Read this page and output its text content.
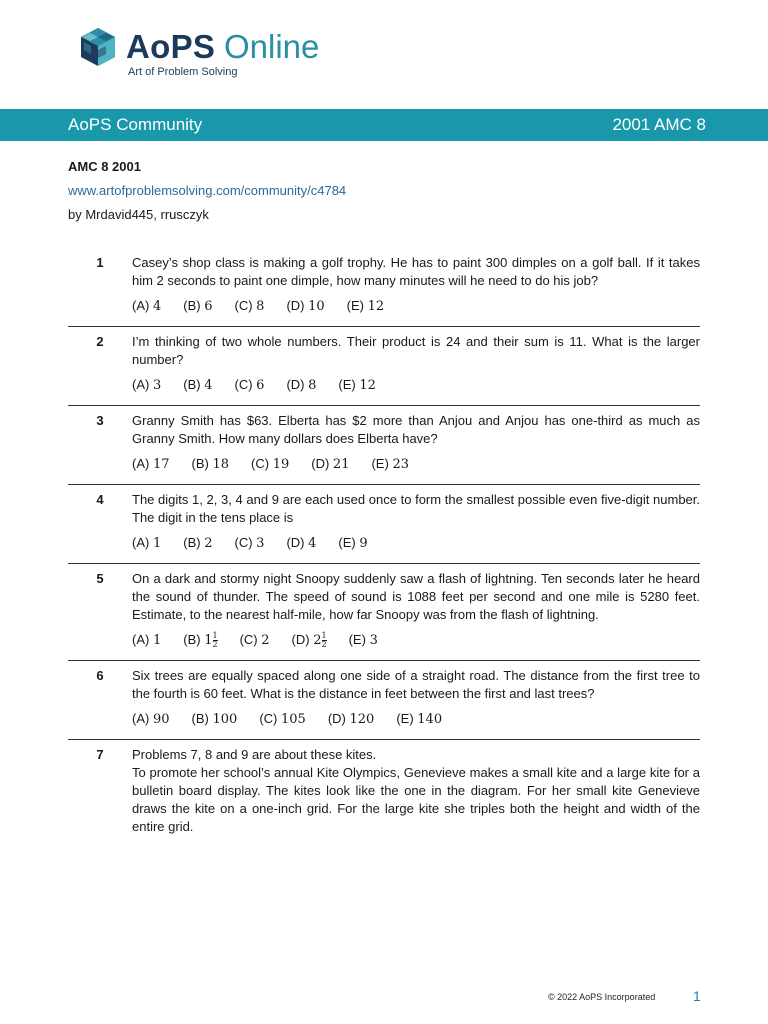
AoPS Online
Art of Problem Solving
AoPS Community	2001 AMC 8
AMC 8 2001
www.artofproblemsolving.com/community/c4784
by Mrdavid445, rrusczyk
1	Casey’s shop class is making a golf trophy. He has to paint 300 dimples on a golf ball. If it takes him 2 seconds to paint one dimple, how many minutes will he need to do his job?
(A) 4 (B) 6 (C) 8 (D) 10 (E) 12
2	I’m thinking of two whole numbers. Their product is 24 and their sum is 11. What is the larger number?
(A) 3 (B) 4 (C) 6 (D) 8 (E) 12
3	Granny Smith has $63. Elberta has $2 more than Anjou and Anjou has one-third as much as Granny Smith. How many dollars does Elberta have?
(A) 17 (B) 18 (C) 19 (D) 21 (E) 23
4	The digits 1, 2, 3, 4 and 9 are each used once to form the smallest possible even five-digit number. The digit in the tens place is
(A) 1 (B) 2 (C) 3 (D) 4 (E) 9
5	On a dark and stormy night Snoopy suddenly saw a flash of lightning. Ten seconds later he heard the sound of thunder. The speed of sound is 1088 feet per second and one mile is 5280 feet. Estimate, to the nearest half-mile, how far Snoopy was from the flash of lightning.
(A) 1 (B) $1 \frac{1}{2} (C)$ 2 (D) $2 \frac{1}{2} (E)$ 3
6	Six trees are equally spaced along one side of a straight road. The distance from the first tree to the fourth is 60 feet. What is the distance in feet between the first and last trees?
(A) 90 (B) 100 (C) 105 (D) 120 (E) 140
7	Problems 7, 8 and 9 are about these kites.
To promote her school’s annual Kite Olympics, Genevieve makes a small kite and a large kite for a bulletin board display. The kites look like the one in the diagram. For her small kite Genevieve draws the kite on a one-inch grid. For the large kite she triples both the height and width of the entire grid.
© 2022 AoPS Incorporated	1
